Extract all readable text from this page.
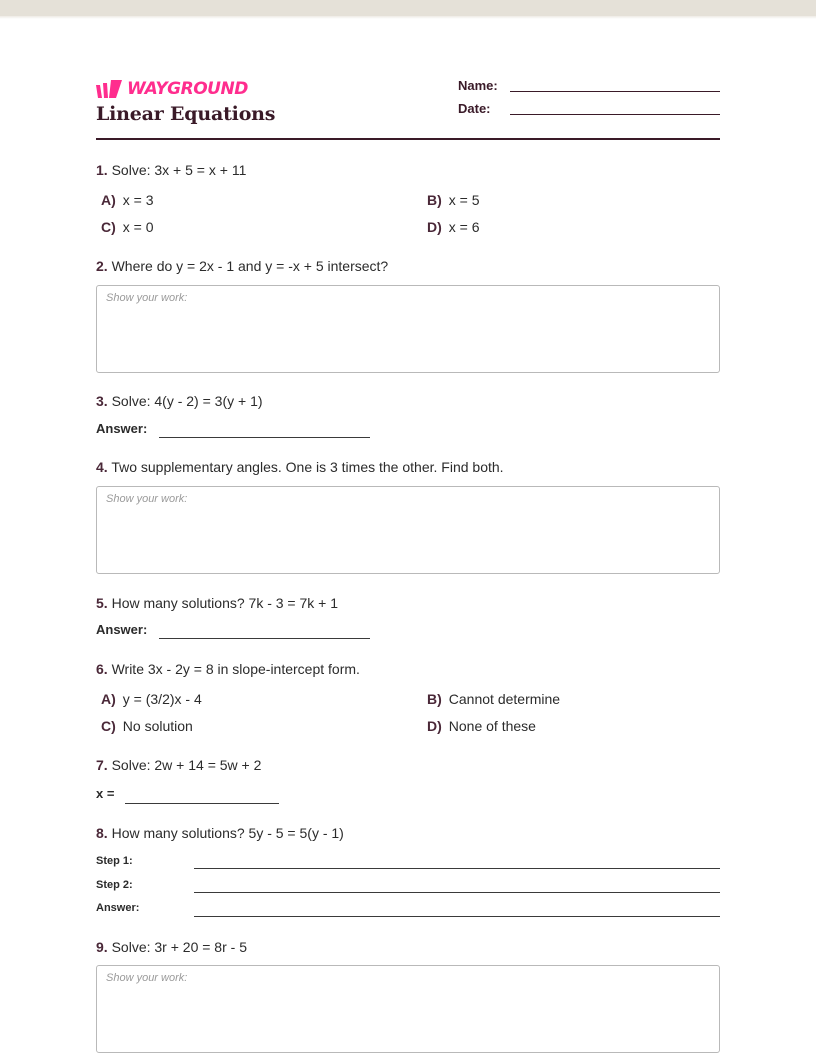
WAYGROUND
Linear Equations
Name:
Date:
1. Solve: 3x + 5 = x + 11
A) x = 3	B) x = 5
C) x = 0	D) x = 6
2. Where do y = 2x - 1 and y = -x + 5 intersect?
Show your work:
3. Solve: 4(y - 2) = 3(y + 1)
Answer:
4. Two supplementary angles. One is 3 times the other. Find both.
Show your work:
5. How many solutions? 7k - 3 = 7k + 1
Answer:
6. Write 3x - 2y = 8 in slope-intercept form.
A) y = (3/2)x - 4	B) Cannot determine
C) No solution	D) None of these
7. Solve: 2w + 14 = 5w + 2
x =
8. How many solutions? 5y - 5 = 5(y - 1)
Step 1:
Step 2:
Answer:
9. Solve: 3r + 20 = 8r - 5
Show your work:
